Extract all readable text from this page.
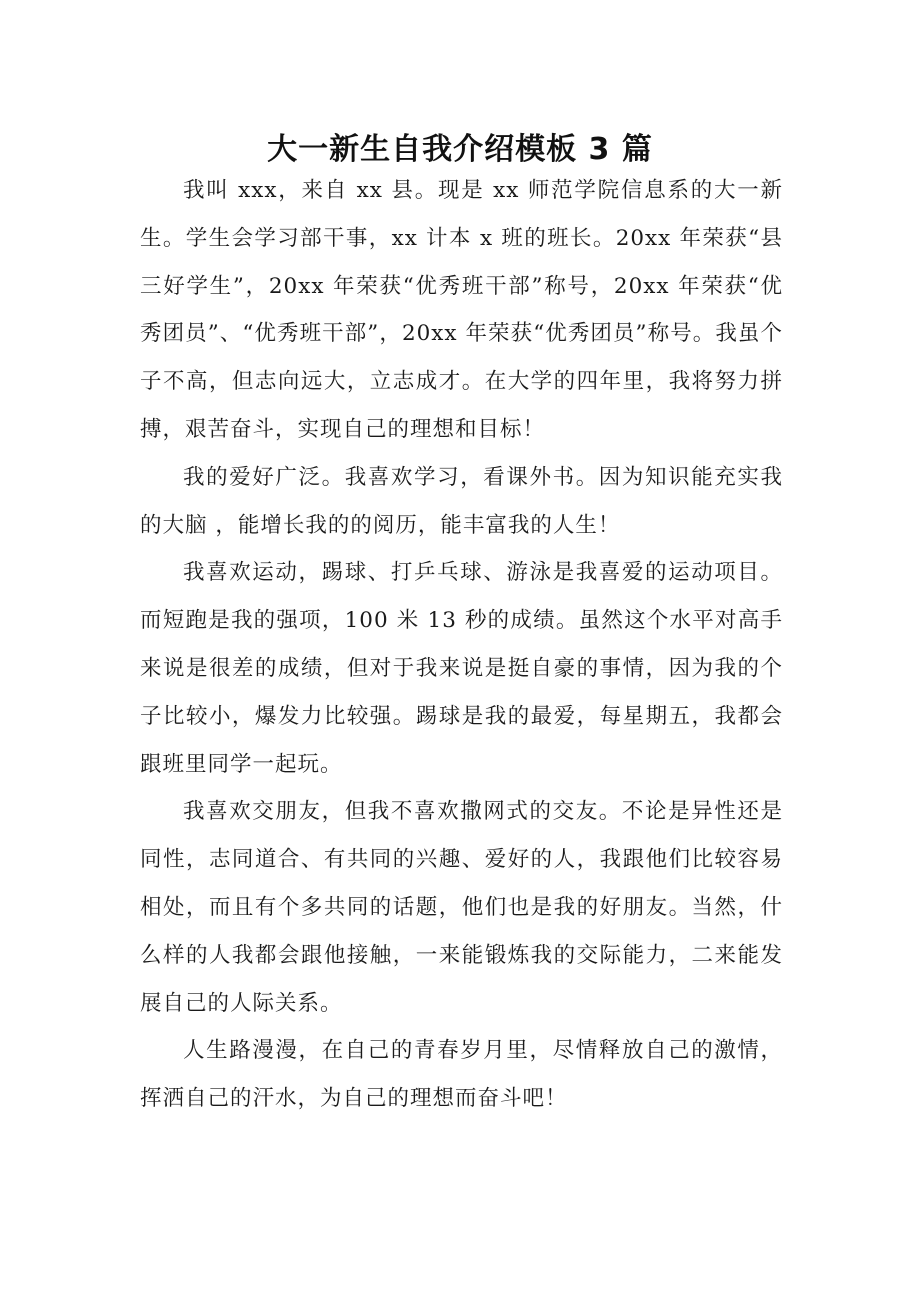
大一新生自我介绍模板 3 篇

我叫 xxx，来自 xx 县。现是 xx 师范学院信息系的大一新生。学生会学习部干事，xx 计本 x 班的班长。20xx 年荣获“县三好学生”，20xx 年荣获“优秀班干部”称号，20xx 年荣获“优秀团员”、“优秀班干部”，20xx 年荣获“优秀团员”称号。我虽个子不高，但志向远大，立志成才。在大学的四年里，我将努力拼搏，艰苦奋斗，实现自己的理想和目标！

我的爱好广泛。我喜欢学习，看课外书。因为知识能充实我的大脑 ，能增长我的的阅历，能丰富我的人生！

我喜欢运动，踢球、打乒乓球、游泳是我喜爱的运动项目。而短跑是我的强项，100 米 13 秒的成绩。虽然这个水平对高手来说是很差的成绩，但对于我来说是挺自豪的事情，因为我的个子比较小，爆发力比较强。踢球是我的最爱，每星期五，我都会跟班里同学一起玩。

我喜欢交朋友，但我不喜欢撒网式的交友。不论是异性还是同性，志同道合、有共同的兴趣、爱好的人，我跟他们比较容易相处，而且有个多共同的话题，他们也是我的好朋友。当然，什么样的人我都会跟他接触，一来能锻炼我的交际能力，二来能发展自己的人际关系。

人生路漫漫，在自己的青春岁月里，尽情释放自己的激情，挥洒自己的汗水，为自己的理想而奋斗吧！
